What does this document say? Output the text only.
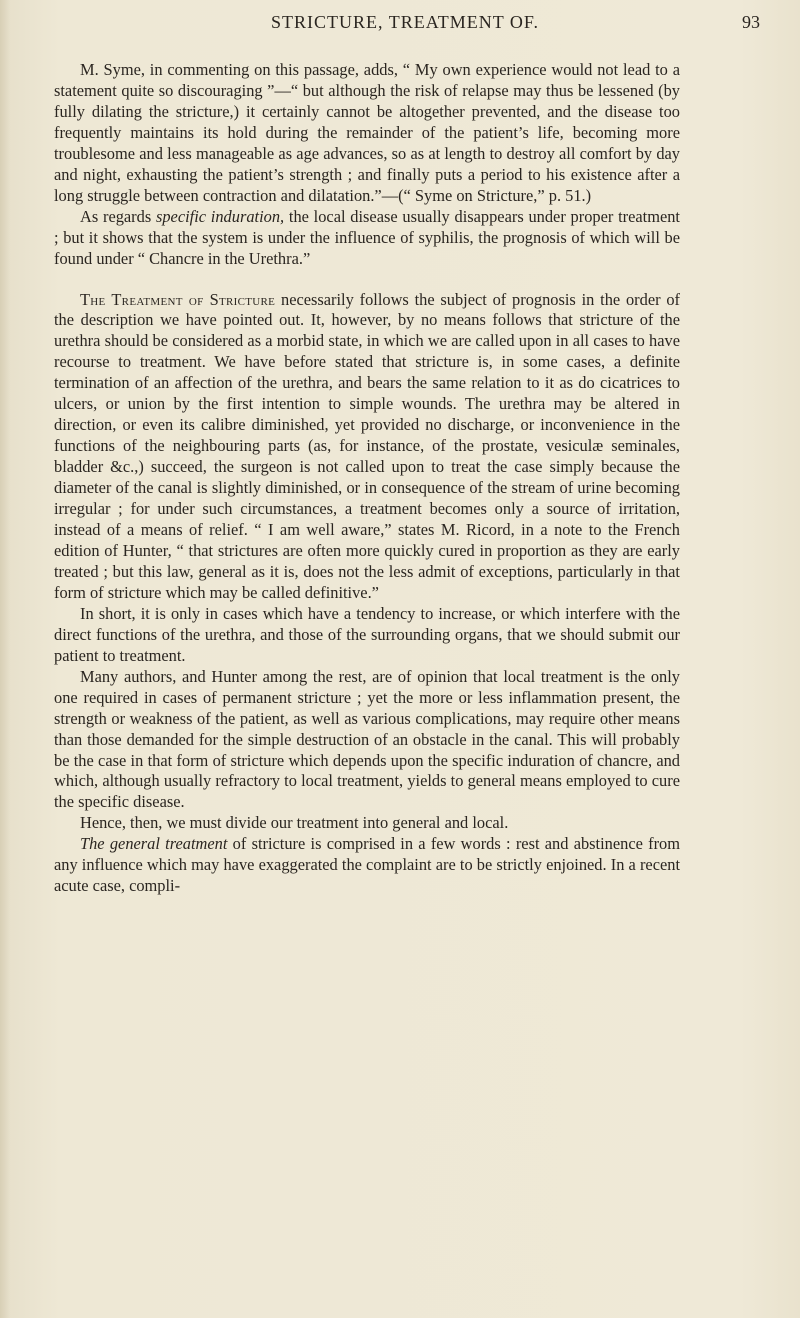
STRICTURE, TREATMENT OF.	93

M. Syme, in commenting on this passage, adds, “ My own experience would not lead to a statement quite so discouraging ”—“ but although the risk of relapse may thus be lessened (by fully dilating the stricture,) it certainly cannot be altogether prevented, and the disease too frequently maintains its hold during the remainder of the patient’s life, becoming more troublesome and less manageable as age advances, so as at length to destroy all comfort by day and night, exhausting the patient’s strength ; and finally puts a period to his existence after a long struggle between contraction and dilatation.”—(“ Syme on Stricture,” p. 51.)

As regards specific induration, the local disease usually disappears under proper treatment ; but it shows that the system is under the influence of syphilis, the prognosis of which will be found under “ Chancre in the Urethra.”

The Treatment of Stricture necessarily follows the subject of prognosis in the order of the description we have pointed out. It, however, by no means follows that stricture of the urethra should be considered as a morbid state, in which we are called upon in all cases to have recourse to treatment. We have before stated that stricture is, in some cases, a definite termination of an affection of the urethra, and bears the same relation to it as do cicatrices to ulcers, or union by the first intention to simple wounds. The urethra may be altered in direction, or even its calibre diminished, yet provided no discharge, or inconvenience in the functions of the neighbouring parts (as, for instance, of the prostate, vesiculæ seminales, bladder &c.,) succeed, the surgeon is not called upon to treat the case simply because the diameter of the canal is slightly diminished, or in consequence of the stream of urine becoming irregular ; for under such circumstances, a treatment becomes only a source of irritation, instead of a means of relief. “ I am well aware,” states M. Ricord, in a note to the French edition of Hunter, “ that strictures are often more quickly cured in proportion as they are early treated ; but this law, general as it is, does not the less admit of exceptions, particularly in that form of stricture which may be called definitive.”

In short, it is only in cases which have a tendency to increase, or which interfere with the direct functions of the urethra, and those of the surrounding organs, that we should submit our patient to treatment.

Many authors, and Hunter among the rest, are of opinion that local treatment is the only one required in cases of permanent stricture ; yet the more or less inflammation present, the strength or weakness of the patient, as well as various complications, may require other means than those demanded for the simple destruction of an obstacle in the canal. This will probably be the case in that form of stricture which depends upon the specific induration of chancre, and which, although usually refractory to local treatment, yields to general means employed to cure the specific disease.

Hence, then, we must divide our treatment into general and local.

The general treatment of stricture is comprised in a few words : rest and abstinence from any influence which may have exaggerated the complaint are to be strictly enjoined. In a recent acute case, compli-
